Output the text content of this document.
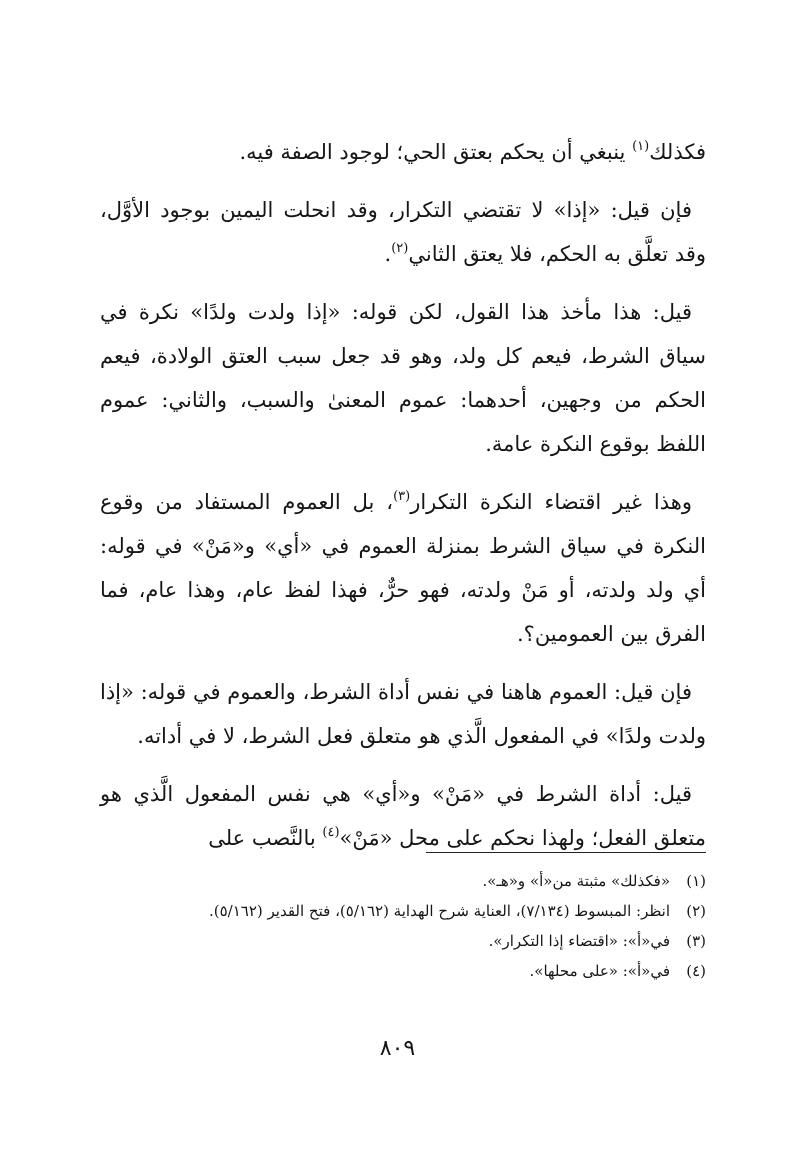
فكذلك$^{(١)}$ ينبغي أن يحكم بعتق الحي؛ لوجود الصفة فيه.

فإن قيل: «إذا» لا تقتضي التكرار، وقد انحلت اليمين بوجود الأوَّل، وقد تعلَّق به الحكم، فلا يعتق الثاني$^{(٢)}$.

قيل: هذا مأخذ هذا القول، لكن قوله: «إذا ولدت ولدًا» نكرة في سياق الشرط، فيعم كل ولد، وهو قد جعل سبب العتق الولادة، فيعم الحكم من وجهين، أحدهما: عموم المعنىٰ والسبب، والثاني: عموم اللفظ بوقوع النكرة عامة.

وهذا غير اقتضاء النكرة التكرار$^{(٣)}$، بل العموم المستفاد من وقوع النكرة في سياق الشرط بمنزلة العموم في «أي» و«مَنْ» في قوله: أي ولد ولدته، أو مَنْ ولدته، فهو حرٌّ، فهذا لفظ عام، وهذا عام، فما الفرق بين العمومين؟.

فإن قيل: العموم هاهنا في نفس أداة الشرط، والعموم في قوله: «إذا ولدت ولدًا» في المفعول الَّذي هو متعلق فعل الشرط، لا في أداته.

قيل: أداة الشرط في «مَنْ» و«أي» هي نفس المفعول الَّذي هو متعلق الفعل؛ ولهذا نحكم على محل «مَنْ»$^{(٤)}$ بالنَّصب على

(١)
«فكذلك» مثبتة من«أ» و«هـ».
(٢)
انظر: المبسوط (٧/١٣٤)، العناية شرح الهداية (٥/١٦٢)، فتح القدير (٥/١٦٢).
(٣)
في«أ»: «اقتضاء إذا التكرار».
(٤)
في«أ»: «على محلها».
٨٠٩
